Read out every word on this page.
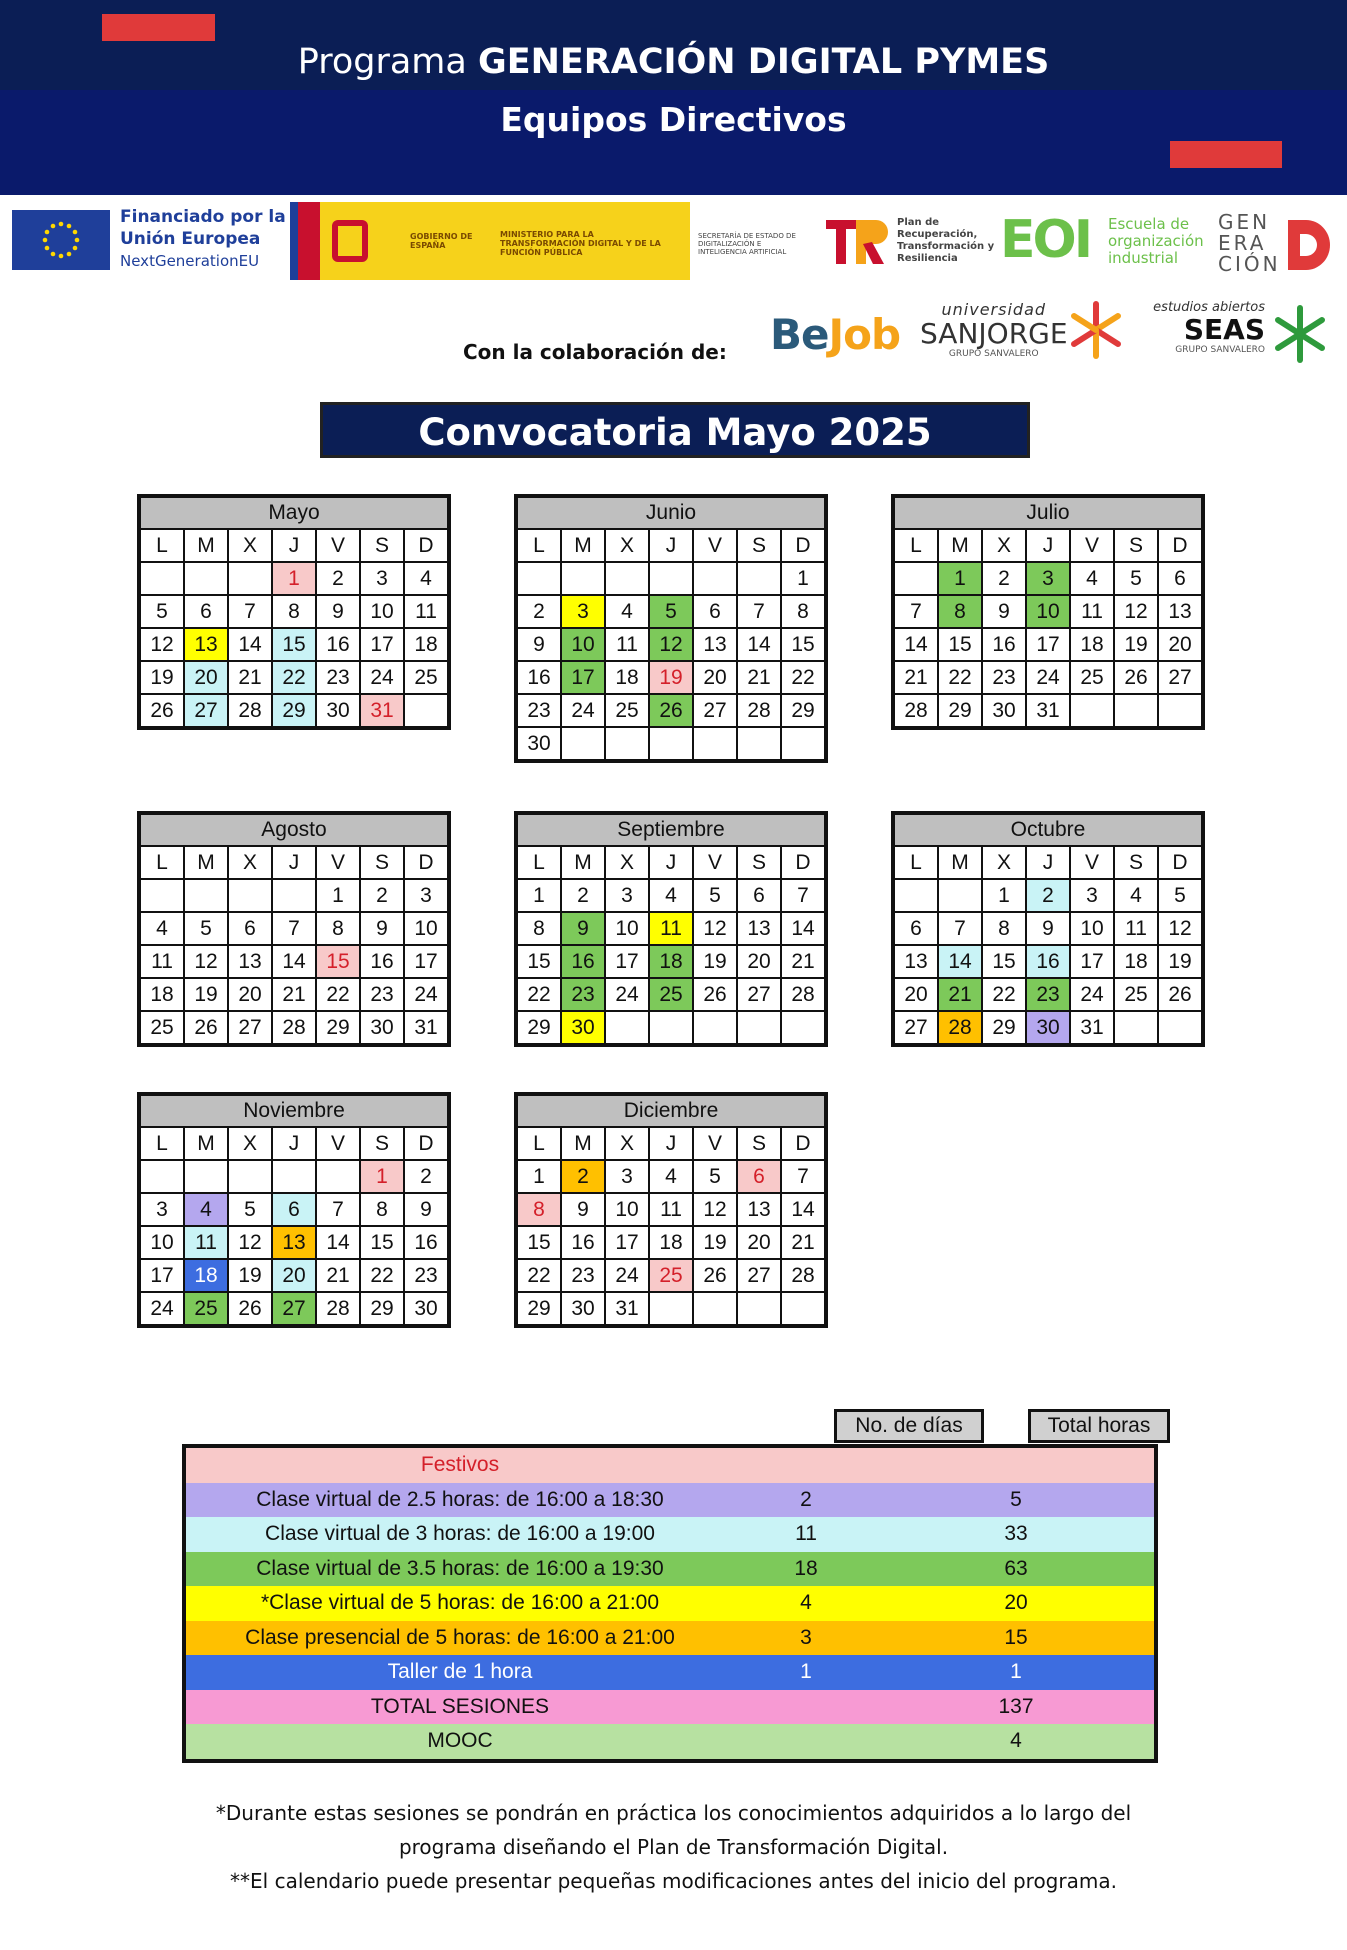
Programa GENERACIÓN DIGITAL PYMES
Equipos Directivos
Financiado por la Unión Europea
NextGenerationEU
GOBIERNO DE ESPAÑA
MINISTERIO PARA LA TRANSFORMACIÓN DIGITAL Y DE LA FUNCIÓN PÚBLICA
SECRETARÍA DE ESTADO DE DIGITALIZACIÓN E INTELIGENCIA ARTIFICIAL
Plan de Recuperación, Transformación y Resiliencia EOI Escuela de organización industrial
GEN ERA CIÓN
Con la colaboración de: BeJob
universidad
SANJORGE
GRUPO SANVALERO
estudios abiertos
SEAS
GRUPO SANVALERO
Convocatoria Mayo 2025
Mayo						
L	M	X	J	V	S	D
			1	2	3	4
5	6	7	8	9	10	11
12	13	14	15	16	17	18
19	20	21	22	23	24	25
26	27	28	29	30	31	
Junio						
L	M	X	J	V	S	D
						1
2	3	4	5	6	7	8
9	10	11	12	13	14	15
16	17	18	19	20	21	22
23	24	25	26	27	28	29
30						
Julio						
L	M	X	J	V	S	D
	1	2	3	4	5	6
7	8	9	10	11	12	13
14	15	16	17	18	19	20
21	22	23	24	25	26	27
28	29	30	31			
Agosto						
L	M	X	J	V	S	D
				1	2	3
4	5	6	7	8	9	10
11	12	13	14	15	16	17
18	19	20	21	22	23	24
25	26	27	28	29	30	31
Septiembre						
L	M	X	J	V	S	D
1	2	3	4	5	6	7
8	9	10	11	12	13	14
15	16	17	18	19	20	21
22	23	24	25	26	27	28
29	30					
Octubre						
L	M	X	J	V	S	D
		1	2	3	4	5
6	7	8	9	10	11	12
13	14	15	16	17	18	19
20	21	22	23	24	25	26
27	28	29	30	31		
Noviembre						
L	M	X	J	V	S	D
					1	2
3	4	5	6	7	8	9
10	11	12	13	14	15	16
17	18	19	20	21	22	23
24	25	26	27	28	29	30
Diciembre						
L	M	X	J	V	S	D
1	2	3	4	5	6	7
8	9	10	11	12	13	14
15	16	17	18	19	20	21
22	23	24	25	26	27	28
29	30	31				
No. de días	Total horas
Festivos		
Clase virtual de 2.5 horas: de 16:00 a 18:30	2	5
Clase virtual de 3 horas: de 16:00 a 19:00	11	33
Clase virtual de 3.5 horas: de 16:00 a 19:30	18	63
*Clase virtual de 5 horas: de 16:00 a 21:00	4	20
Clase presencial de 5 horas: de 16:00 a 21:00	3	15
Taller de 1 hora	1	1
TOTAL SESIONES		137
MOOC		4
*Durante estas sesiones se pondrán en práctica los conocimientos adquiridos a lo largo del
programa diseñando el Plan de Transformación Digital.
**El calendario puede presentar pequeñas modificaciones antes del inicio del programa.
